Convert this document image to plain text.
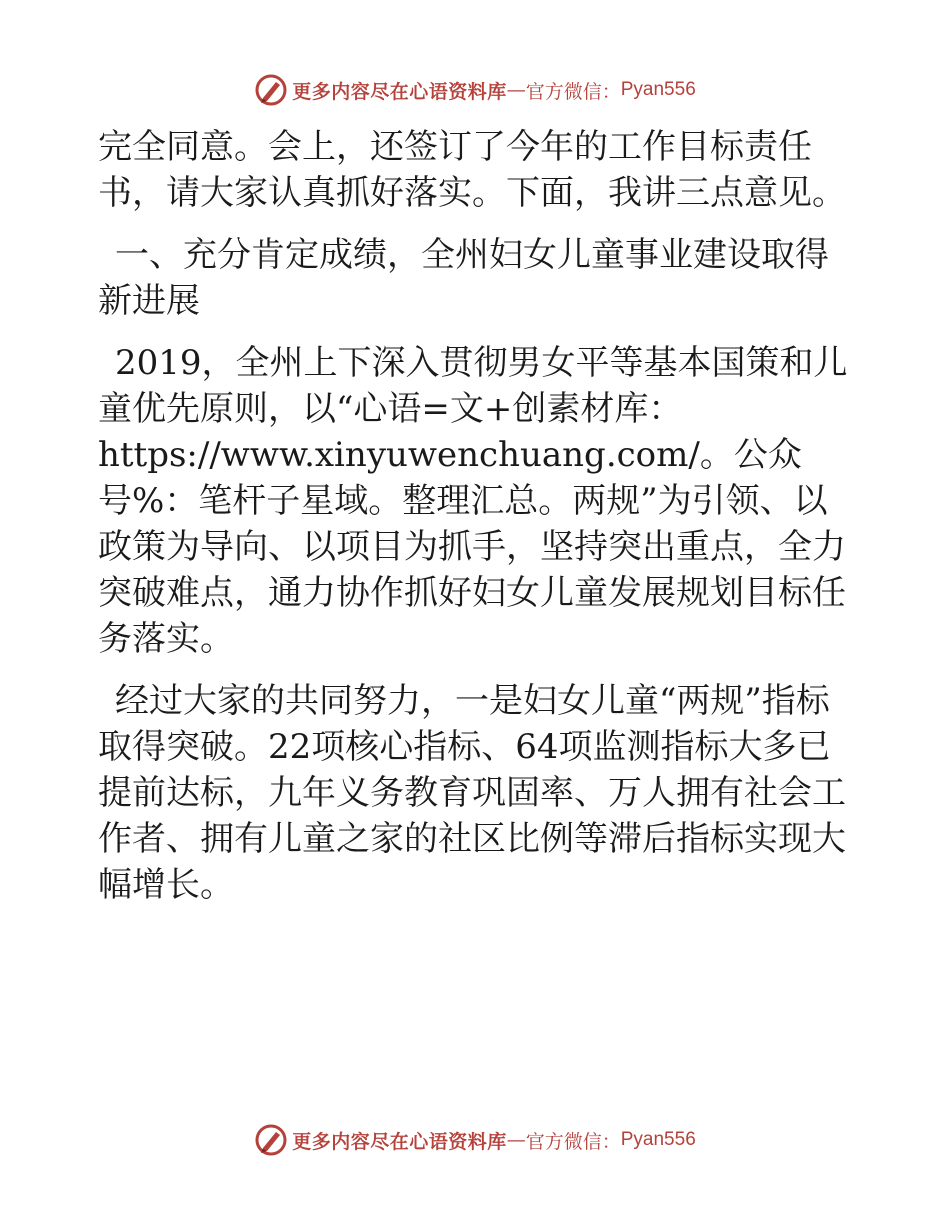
更多内容尽在心语资料库 — 官方微信： Pyan556

完全同意。会上，还签订了今年的工作目标责任书，请大家认真抓好落实。下面，我讲三点意见。

一、充分肯定成绩，全州妇女儿童事业建设取得新进展

2019，全州上下深入贯彻男女平等基本国策和儿童优先原则，以“心语=文+创素材库：https://www.xinyuwenchuang.com/。公众号%：笔杆子星域。整理汇总。两规”为引领、以政策为导向、以项目为抓手，坚持突出重点，全力突破难点，通力协作抓好妇女儿童发展规划目标任务落实。

经过大家的共同努力，一是妇女儿童“两规”指标取得突破。22项核心指标、64项监测指标大多已提前达标，九年义务教育巩固率、万人拥有社会工作者、拥有儿童之家的社区比例等滞后指标实现大幅增长。

更多内容尽在心语资料库 — 官方微信： Pyan556
